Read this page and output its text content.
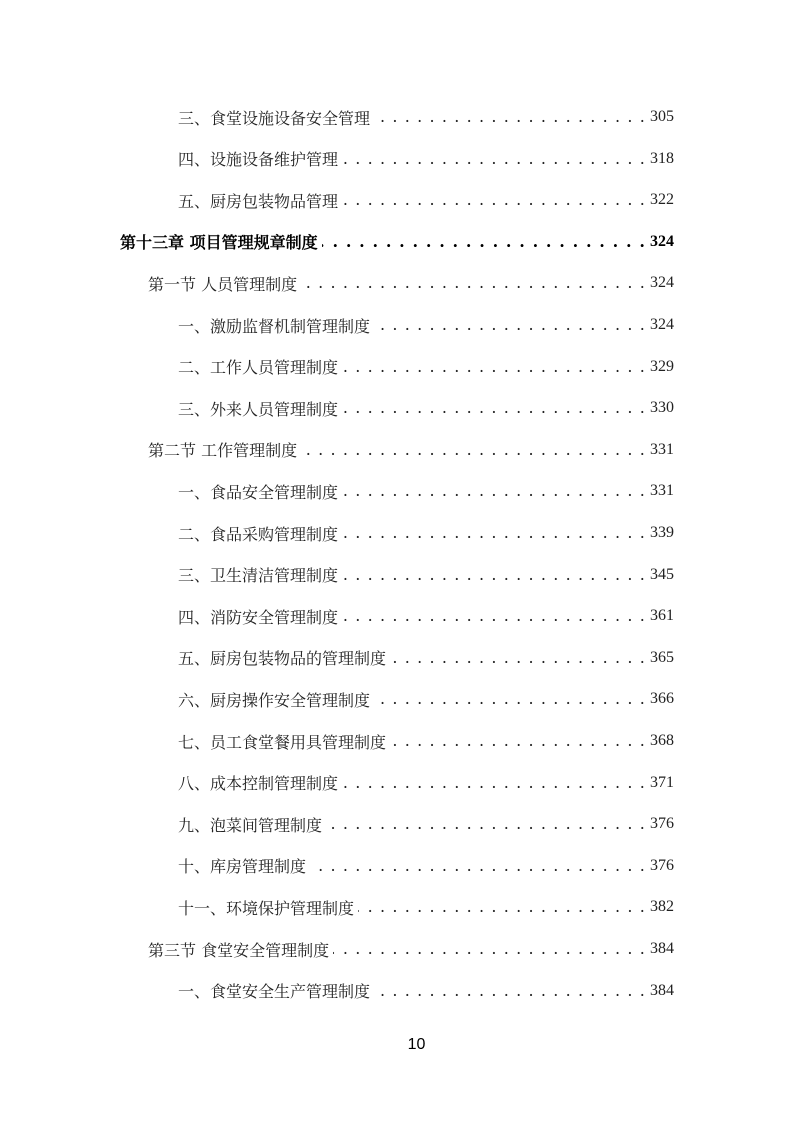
三、食堂设施设备安全管理 . . .	305
四、设施设备维护管理 . . .	318
五、厨房包装物品管理 . . .	322
第十三章 项目管理规章制度 . . .	324
第一节 人员管理制度 . . .	324
一、激励监督机制管理制度 . . .	324
二、工作人员管理制度 . . .	329
三、外来人员管理制度 . . .	330
第二节 工作管理制度 . . .	331
一、食品安全管理制度 . . .	331
二、食品采购管理制度 . . .	339
三、卫生清洁管理制度 . . .	345
四、消防安全管理制度 . . .	361
五、厨房包装物品的管理制度 . . .	365
六、厨房操作安全管理制度 . . .	366
七、员工食堂餐用具管理制度 . . .	368
八、成本控制管理制度 . . .	371
九、泡菜间管理制度 . . .	376
十、库房管理制度 . . .	376
十一、环境保护管理制度 . . .	382
第三节 食堂安全管理制度 . . .	384
一、食堂安全生产管理制度 . . .	384
10
